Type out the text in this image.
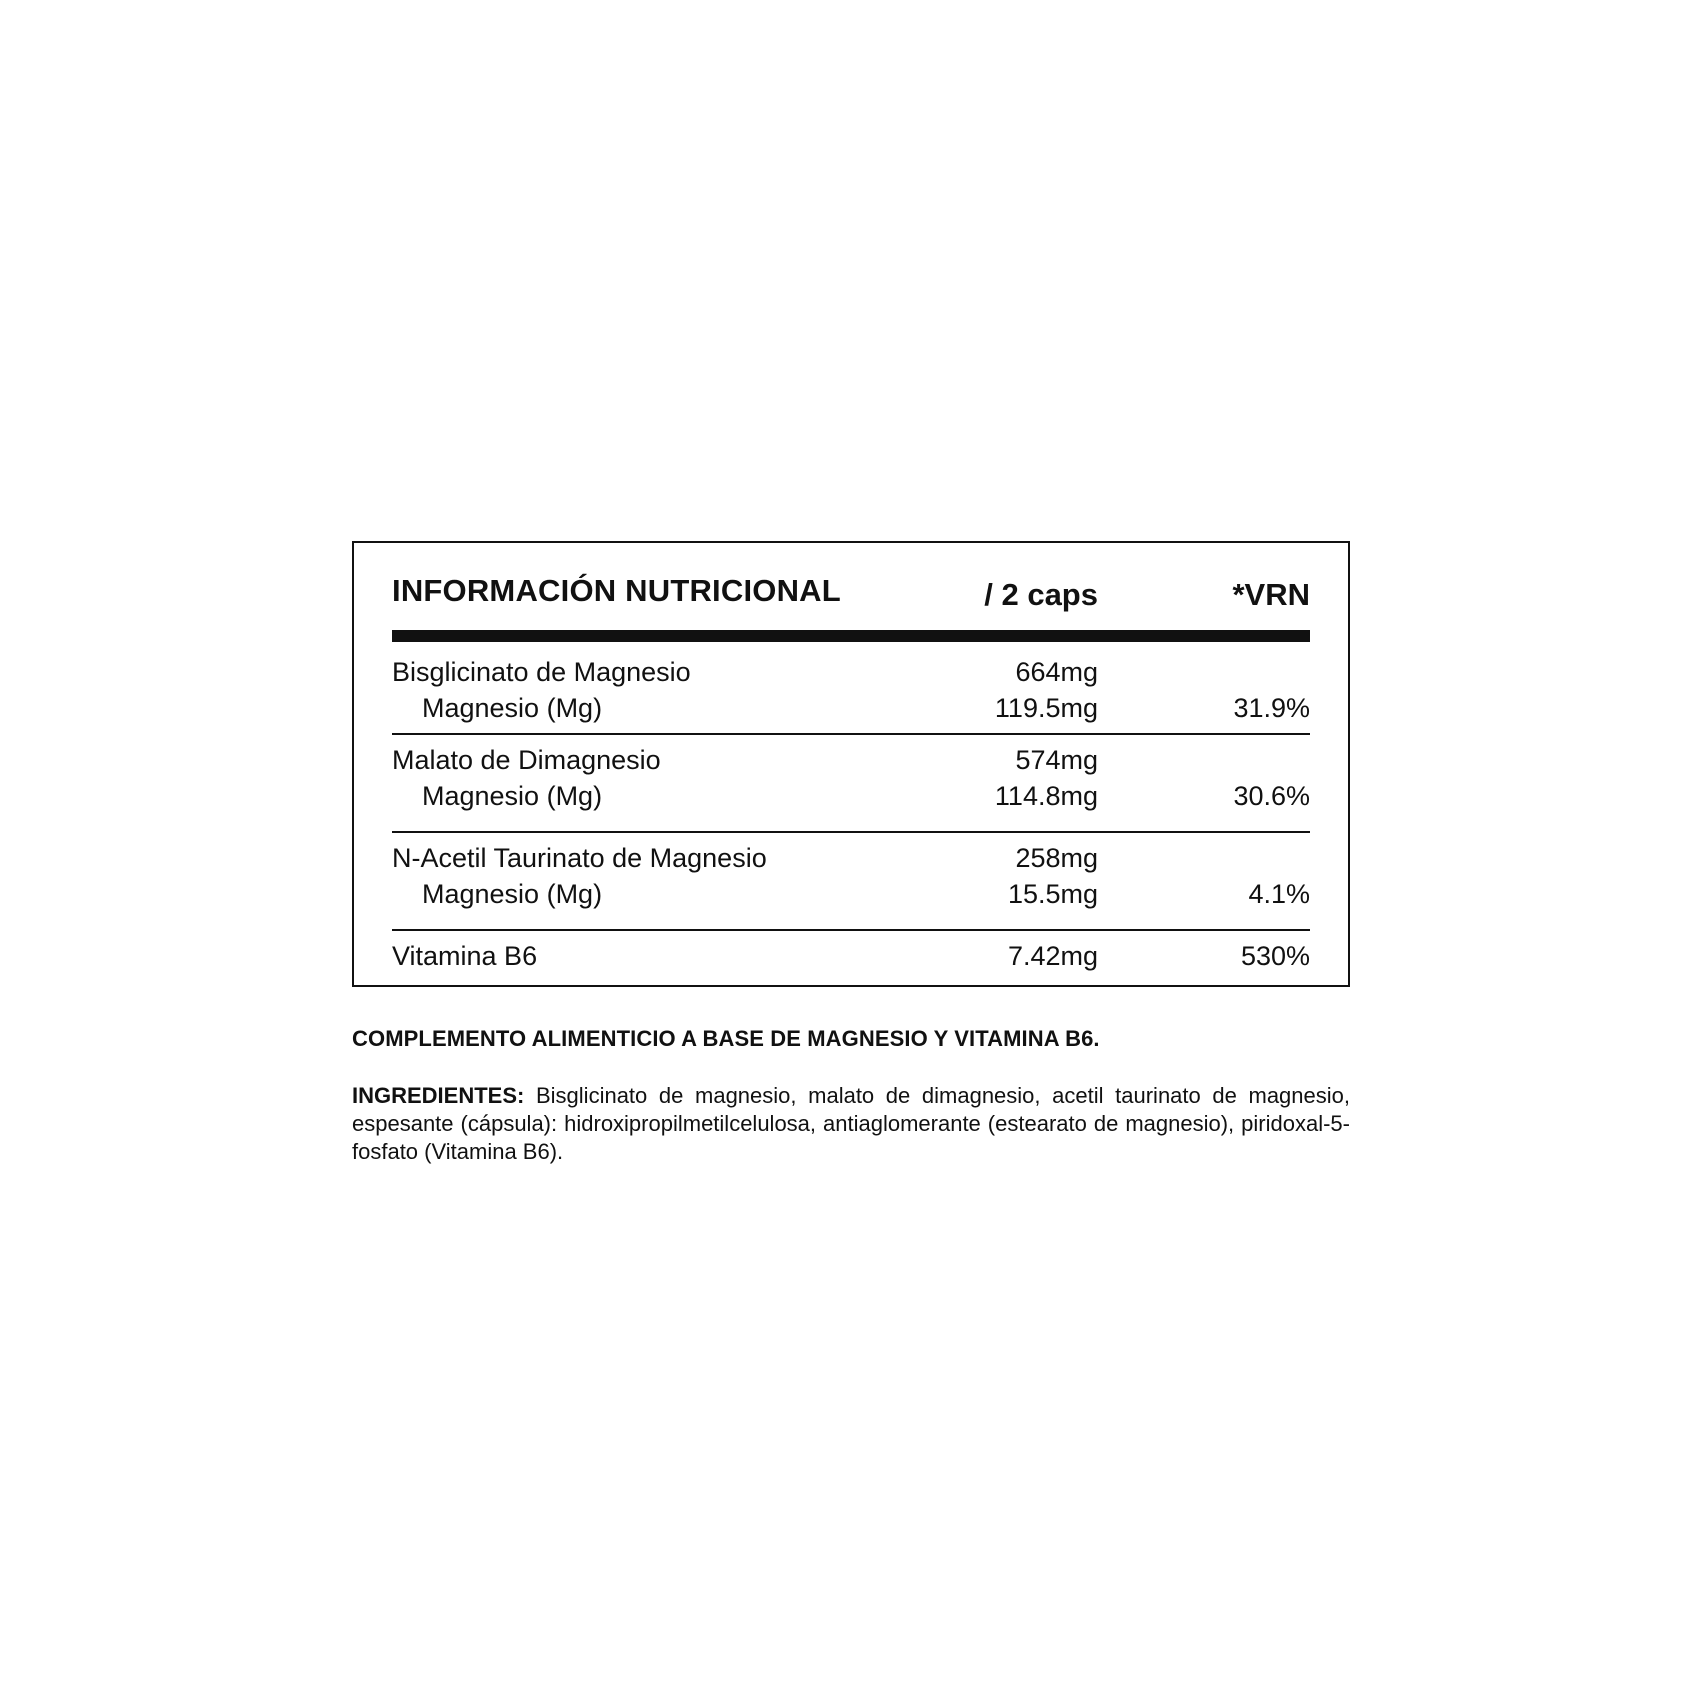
INFORMACIÓN NUTRICIONAL	/ 2 caps	*VRN
Bisglicinato de Magnesio	664mg
Magnesio (Mg)	119.5mg	31.9%
Malato de Dimagnesio	574mg
Magnesio (Mg)	114.8mg	30.6%
N-Acetil Taurinato de Magnesio	258mg
Magnesio (Mg)	15.5mg	4.1%
Vitamina B6	7.42mg	530%
COMPLEMENTO ALIMENTICIO A BASE DE MAGNESIO Y VITAMINA B6.
INGREDIENTES: Bisglicinato de magnesio, malato de dimagnesio, acetil taurinato de magnesio, espesante (cápsula): hidroxipropilmetilcelulosa, antiaglomerante (estearato de magnesio), piridoxal-5-fosfato (Vitamina B6).
